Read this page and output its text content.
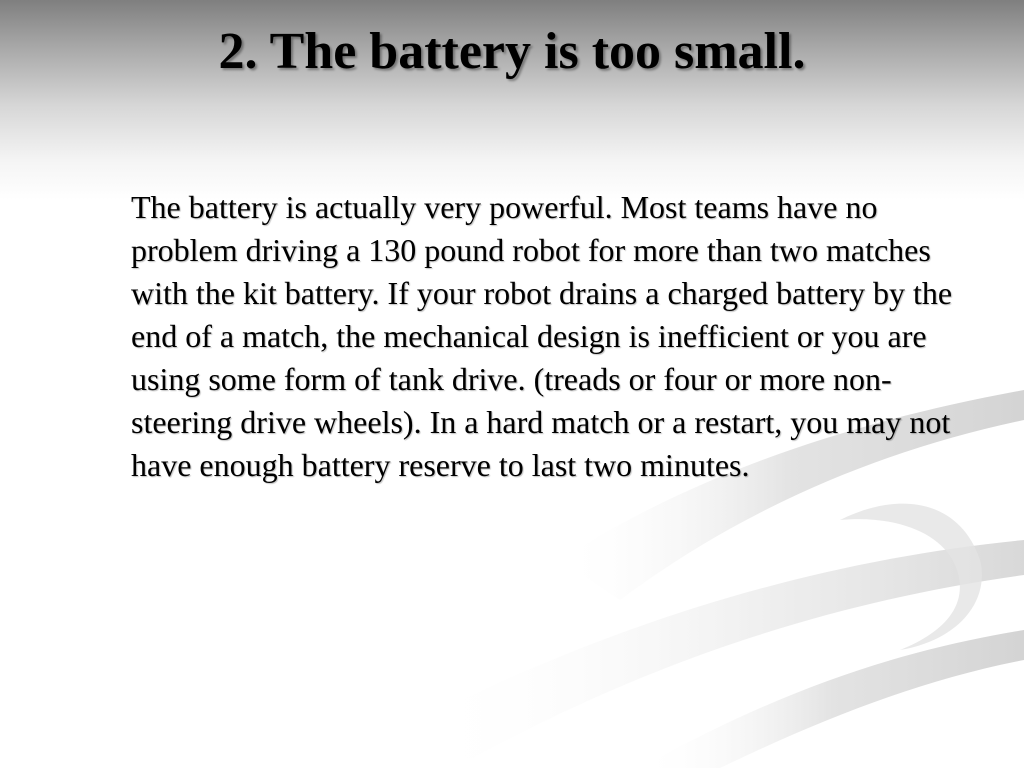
2. The battery is too small.

The battery is actually very powerful. Most teams have no problem driving a 130 pound robot for more than two matches with the kit battery. If your robot drains a charged battery by the end of a match, the mechanical design is inefficient or you are using some form of tank drive. (treads or four or more non-steering drive wheels). In a hard match or a restart, you may not have enough battery reserve to last two minutes.
